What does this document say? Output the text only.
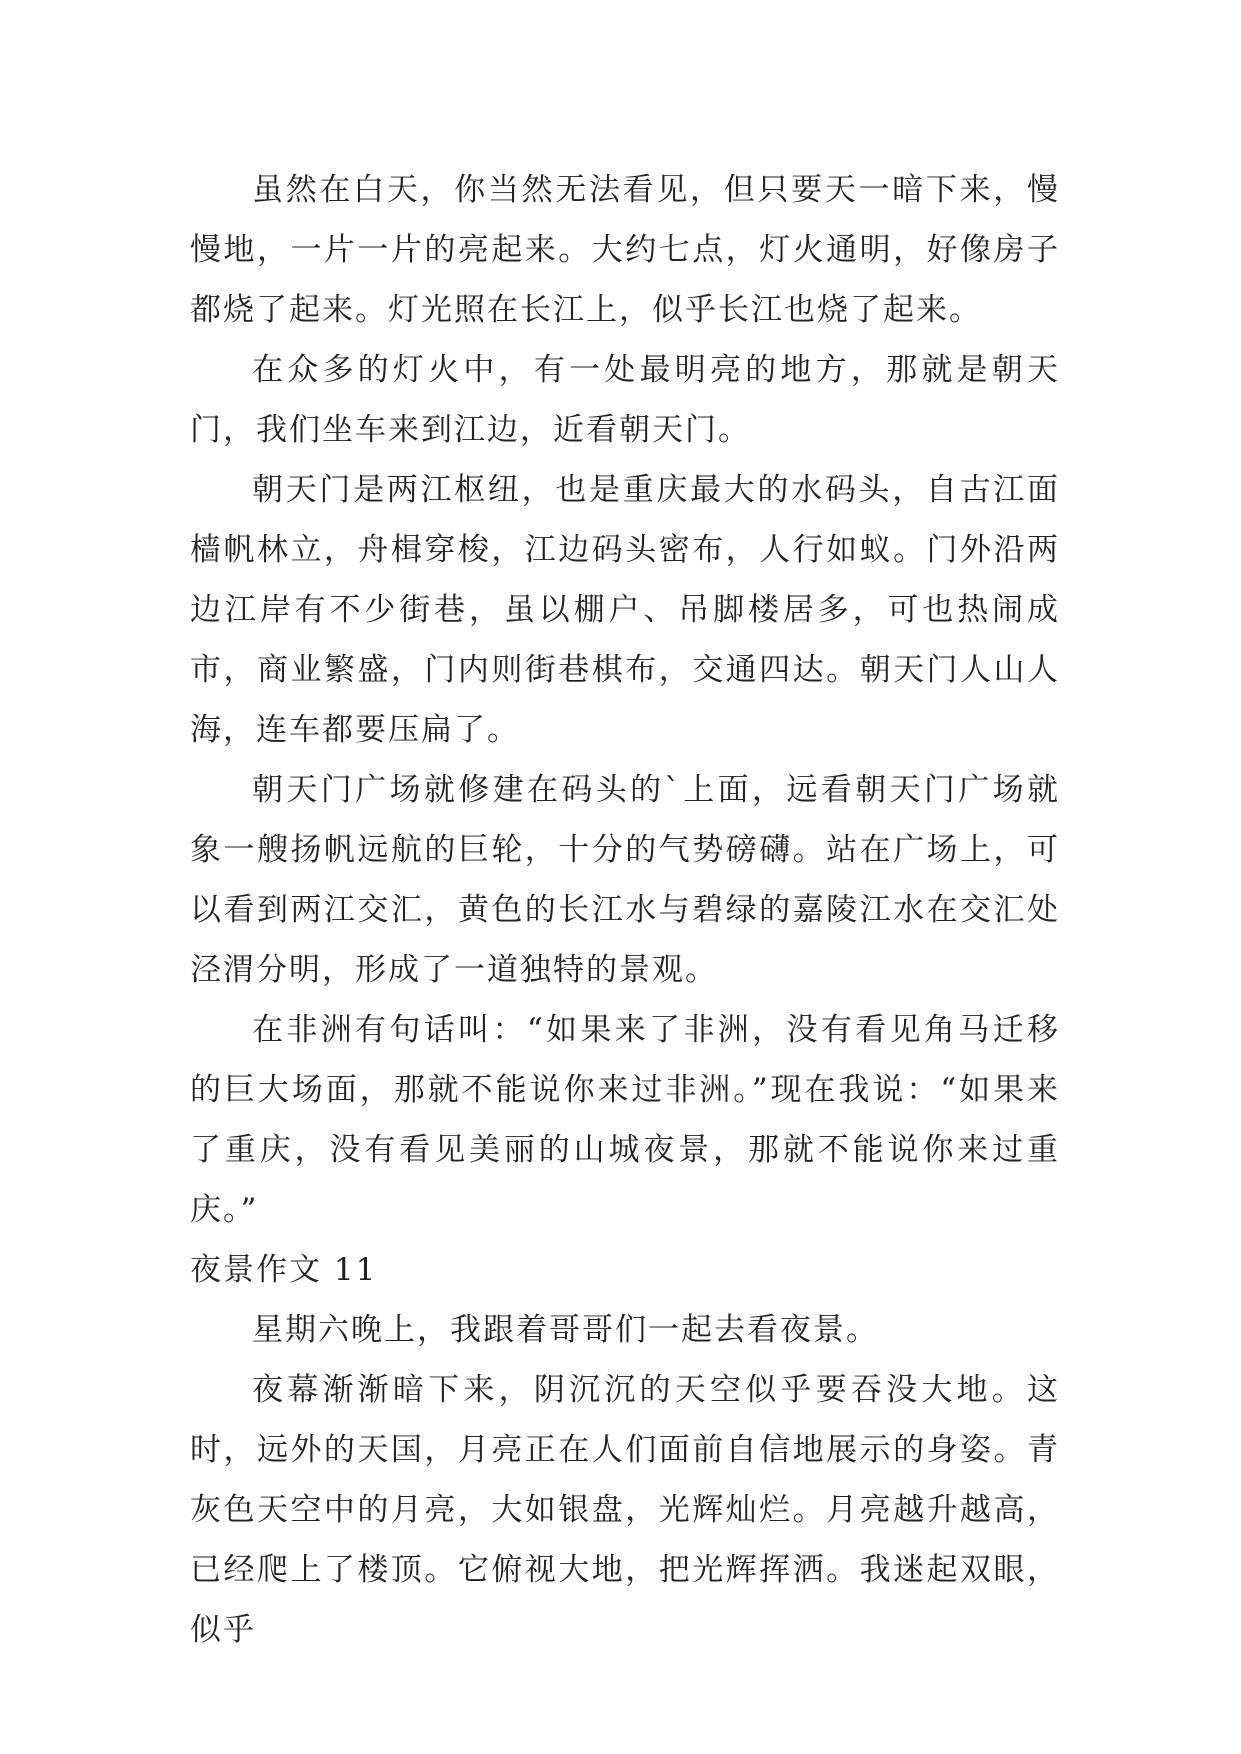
虽然在白天，你当然无法看见，但只要天一暗下来，慢慢地，一片一片的亮起来。大约七点，灯火通明，好像房子都烧了起来。灯光照在长江上，似乎长江也烧了起来。

在众多的灯火中，有一处最明亮的地方，那就是朝天门，我们坐车来到江边，近看朝天门。

朝天门是两江枢纽，也是重庆最大的水码头，自古江面樯帆林立，舟楫穿梭，江边码头密布，人行如蚁。门外沿两边江岸有不少街巷，虽以棚户、吊脚楼居多，可也热闹成市，商业繁盛，门内则街巷棋布，交通四达。朝天门人山人海，连车都要压扁了。

朝天门广场就修建在码头的`上面，远看朝天门广场就象一艘扬帆远航的巨轮，十分的气势磅礴。站在广场上，可以看到两江交汇，黄色的长江水与碧绿的嘉陵江水在交汇处泾渭分明，形成了一道独特的景观。

在非洲有句话叫：“如果来了非洲，没有看见角马迁移的巨大场面，那就不能说你来过非洲。”现在我说：“如果来了重庆，没有看见美丽的山城夜景，那就不能说你来过重庆。”

夜景作文 11

星期六晚上，我跟着哥哥们一起去看夜景。

夜幕渐渐暗下来，阴沉沉的天空似乎要吞没大地。这时，远外的天国，月亮正在人们面前自信地展示的身姿。青灰色天空中的月亮，大如银盘，光辉灿烂。月亮越升越高，已经爬上了楼顶。它俯视大地，把光辉挥洒。我迷起双眼，似乎
